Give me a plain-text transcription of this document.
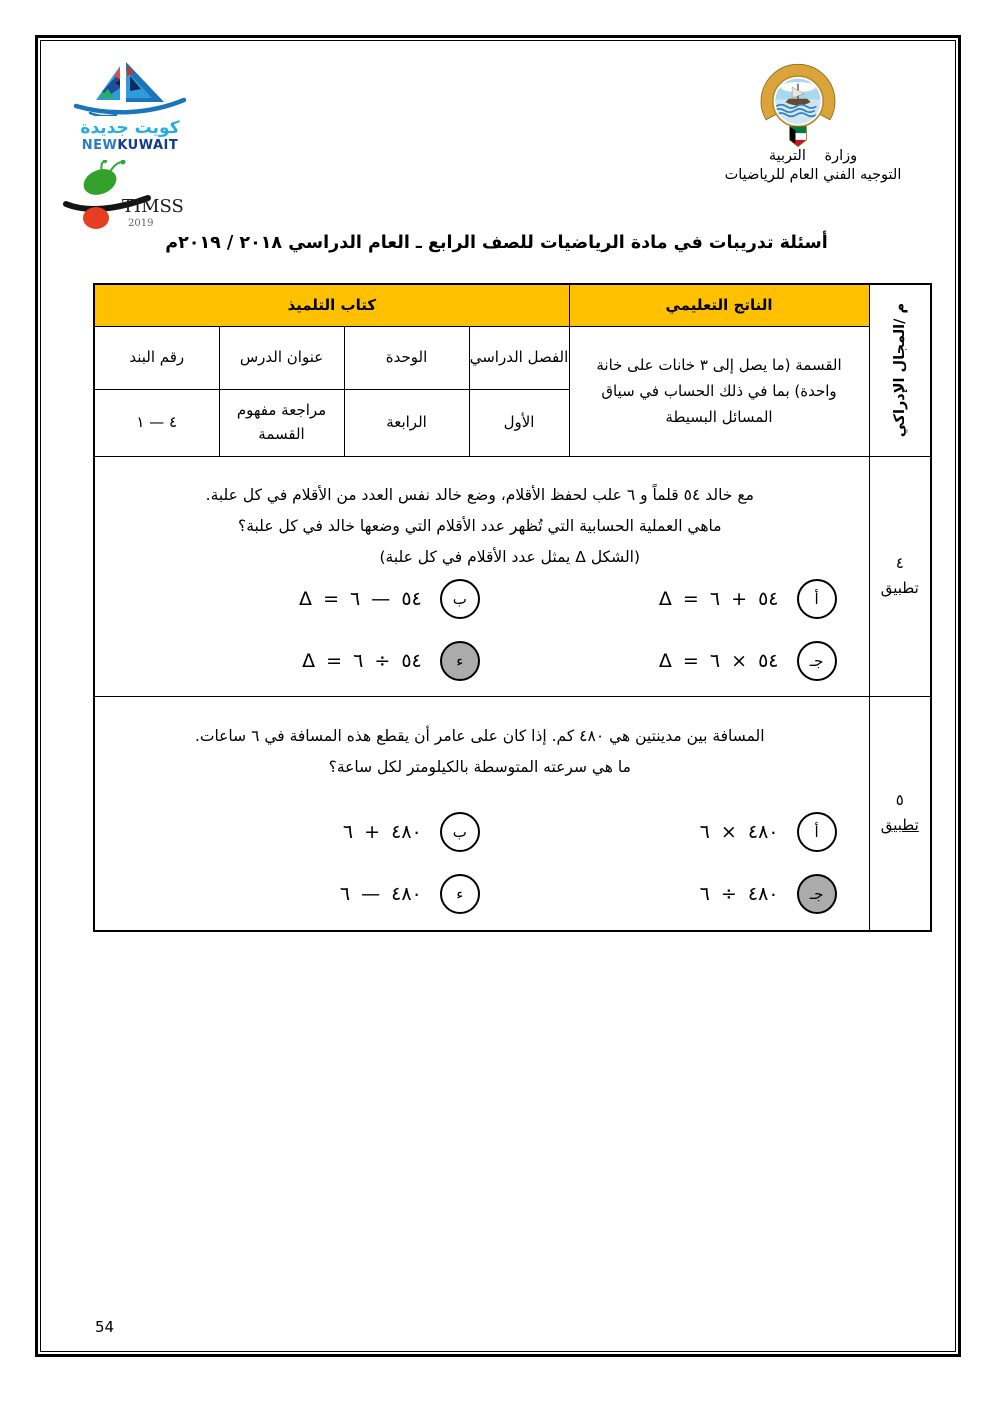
كويت جديدة
NEWKUWAIT
TIMSS
2019
وزارة التربية
التوجيه الفني العام للرياضيات
أسئلة تدريبات في مادة الرياضيات للصف الرابع ـ العام الدراسي ٢٠١٨ / ٢٠١٩م
م /المجال الإدراكي	الناتج التعليمي	كتاب التلميذ			
	القسمة (ما يصل إلى ٣ خانات على خانة واحدة) بما في ذلك الحساب في سياق المسائل البسيطة	الفصل الدراسي	الوحدة	عنوان الدرس	رقم البند
		الأول	الرابعة	مراجعة مفهوم القسمة	٤ — ١

٤
تطبيق

مع خالد ٥٤ قلماً و ٦ علب لحفظ الأقلام، وضع خالد نفس العدد من الأقلام في كل علبة.
ماهي العملية الحسابية التي تُظهر عدد الأقلام التي وضعها خالد في كل علبة؟
(الشكل Δ يمثل عدد الأقلام في كل علبة)
أ
٥٤ + ٦ = Δ
ب
٥٤ — ٦ = Δ
جـ
٥٤ × ٦ = Δ
ء
٥٤ ÷ ٦ = Δ

٥
تطبيق

المسافة بين مدينتين هي ٤٨٠ كم. إذا كان على عامر أن يقطع هذه المسافة في ٦ ساعات.
ما هي سرعته المتوسطة بالكيلومتر لكل ساعة؟
أ
٤٨٠ × ٦
ب
٤٨٠ + ٦
جـ
٤٨٠ ÷ ٦
ء
٤٨٠ — ٦
54
